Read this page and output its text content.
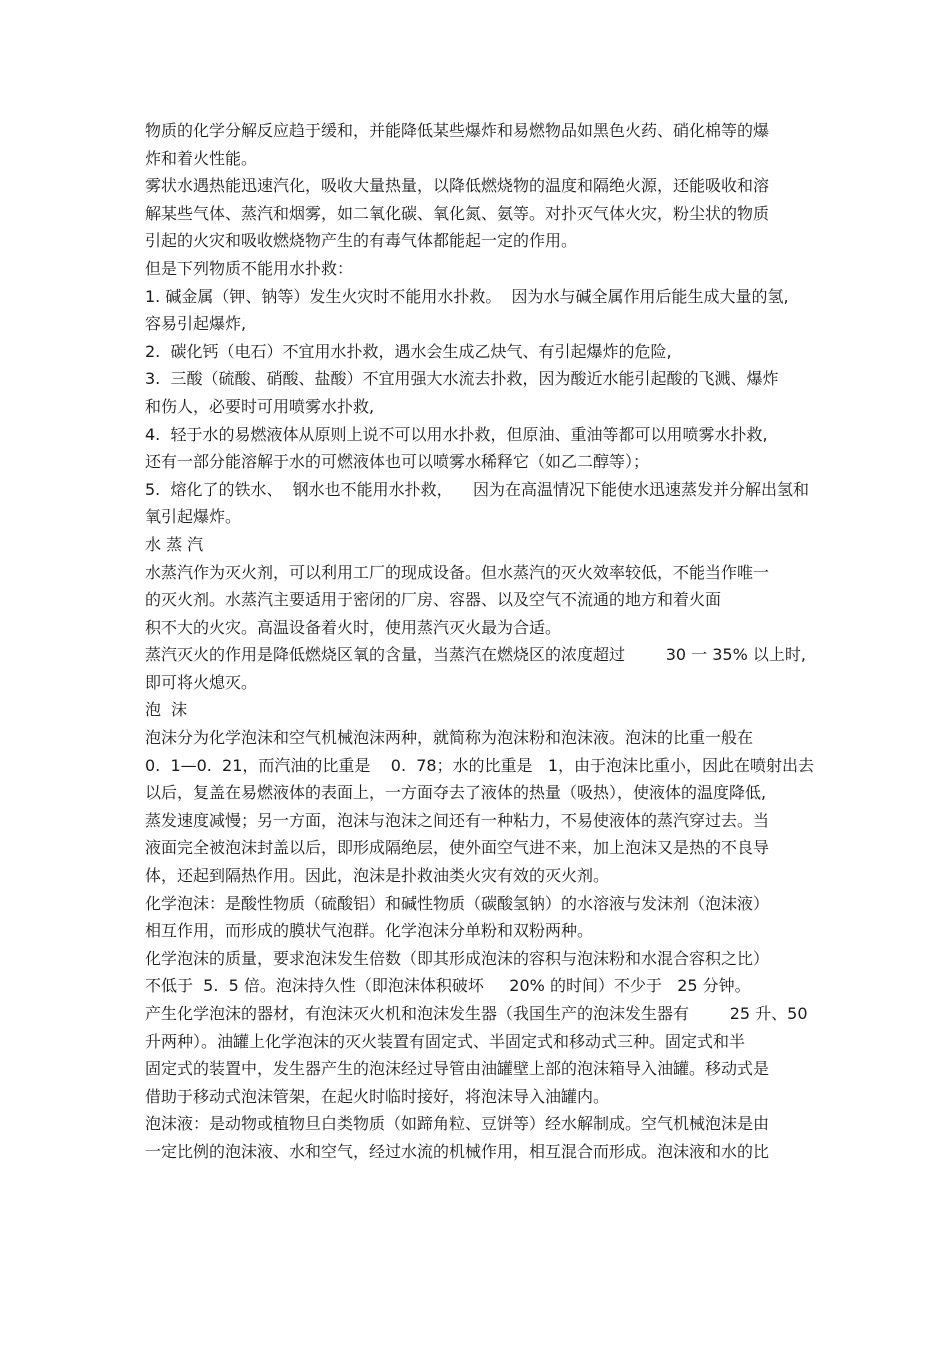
物质的化学分解反应趋于缓和，并能降低某些爆炸和易燃物品如黑色火药、硝化棉等的爆
炸和着火性能。
雾状水遇热能迅速汽化，吸收大量热量，以降低燃烧物的温度和隔绝火源，还能吸收和溶
解某些气体、蒸汽和烟雾，如二氧化碳、氧化氮、氨等。对扑灭气体火灾，粉尘状的物质
引起的火灾和吸收燃烧物产生的有毒气体都能起一定的作用。
但是下列物质不能用水扑救：
1. 碱金属（钾、钠等）发生火灾时不能用水扑救。  因为水与碱全属作用后能生成大量的氢,
容易引起爆炸,
2.  碳化钙（电石）不宜用水扑救，遇水会生成乙炔气、有引起爆炸的危险,
3.  三酸（硫酸、硝酸、盐酸）不宜用强大水流去扑救，因为酸近水能引起酸的飞溅、爆炸
和伤人，必要时可用喷雾水扑救,
4.  轻于水的易燃液体从原则上说不可以用水扑救，但原油、重油等都可以用喷雾水扑救,
还有一部分能溶解于水的可燃液体也可以喷雾水稀释它（如乙二醇等）；
5.  熔化了的铁水、  钢水也不能用水扑救，    因为在高温情况下能使水迅速蒸发并分解出氢和
氧引起爆炸。
水 蒸 汽
水蒸汽作为灭火剂，可以利用工厂的现成设备。但水蒸汽的灭火效率较低，不能当作唯一
的灭火剂。水蒸汽主要适用于密闭的厂房、容器、以及空气不流通的地方和着火面
积不大的火灾。高温设备着火时，使用蒸汽灭火最为合适。
蒸汽灭火的作用是降低燃烧区氧的含量，当蒸汽在燃烧区的浓度超过        30 一 35% 以上时,
即可将火熄灭。
泡  沫
泡沫分为化学泡沫和空气机械泡沫两种，就简称为泡沫粉和泡沫液。泡沫的比重一般在
0.  1—0.  21，而汽油的比重是    0.  78；水的比重是   1，由于泡沫比重小，因此在喷射出去
以后，复盖在易燃液体的表面上，一方面夺去了液体的热量（吸热），使液体的温度降低,
蒸发速度减慢；另一方面，泡沫与泡沫之间还有一种粘力，不易使液体的蒸汽穿过去。当
液面完全被泡沫封盖以后，即形成隔绝层，使外面空气进不来，加上泡沫又是热的不良导
体，还起到隔热作用。因此，泡沫是扑救油类火灾有效的灭火剂。
化学泡沫：是酸性物质（硫酸铝）和碱性物质（碳酸氢钠）的水溶液与发沫剂（泡沫液）
相互作用，而形成的膜状气泡群。化学泡沫分单粉和双粉两种。
化学泡沫的质量，要求泡沫发生倍数（即其形成泡沫的容积与泡沫粉和水混合容积之比）
不低于  5.  5 倍。泡沫持久性（即泡沫体积破坏     20% 的时间）不少于   25 分钟。
产生化学泡沫的器材，有泡沫灭火机和泡沫发生器（我国生产的泡沫发生器有        25 升、50
升两种）。油罐上化学泡沫的灭火装置有固定式、半固定式和移动式三种。固定式和半
固定式的装置中，发生器产生的泡沫经过导管由油罐壁上部的泡沫箱导入油罐。移动式是
借助于移动式泡沫管架，在起火时临时接好，将泡沫导入油罐内。
泡沫液：是动物或植物旦白类物质（如蹄角粒、豆饼等）经水解制成。空气机械泡沫是由
一定比例的泡沫液、水和空气，经过水流的机械作用，相互混合而形成。泡沫液和水的比
